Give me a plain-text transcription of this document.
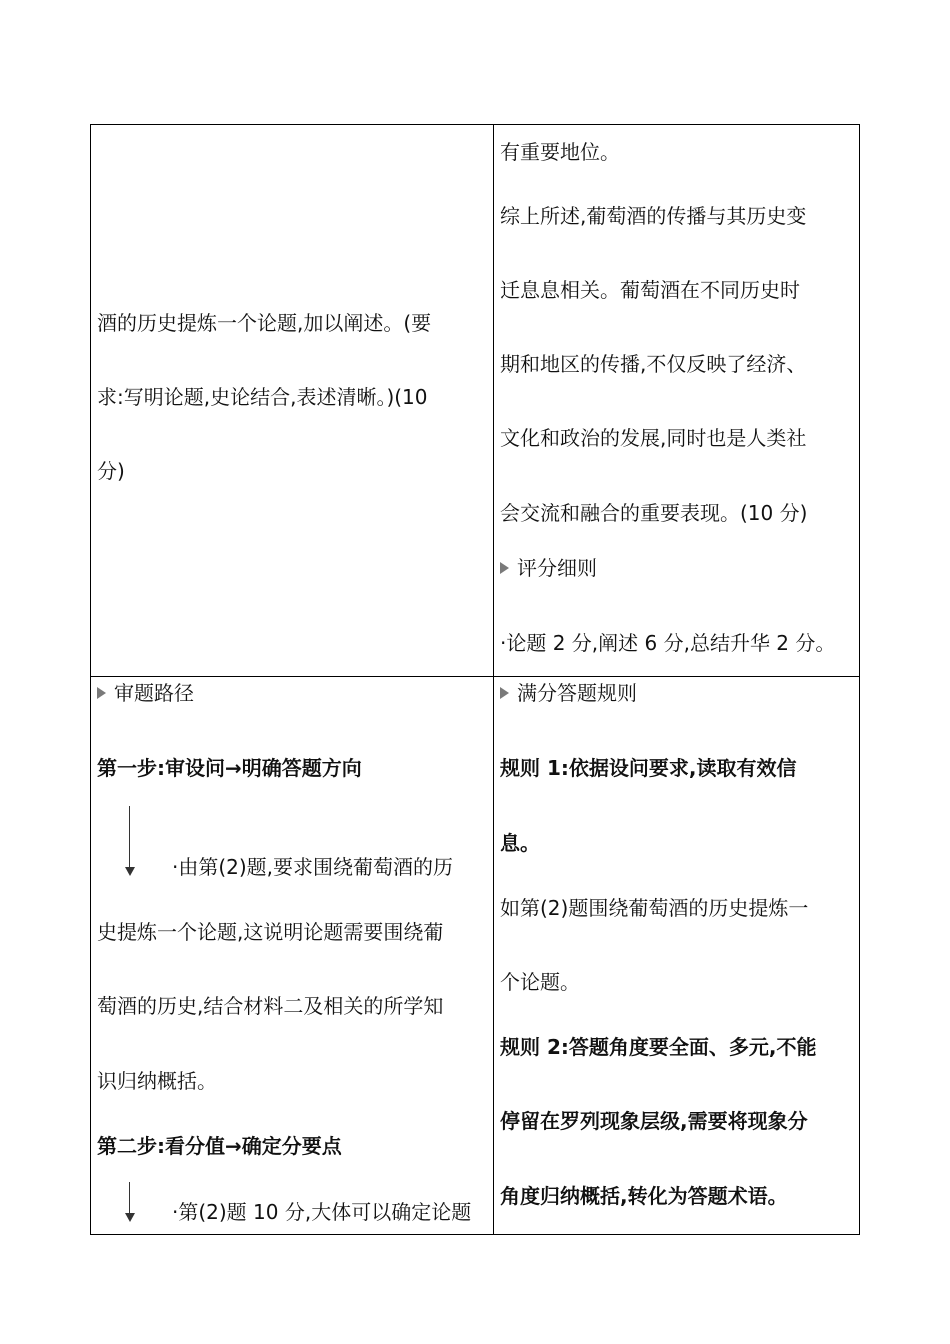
酒的历史提炼一个论题,加以阐述。(要
求:写明论题,史论结合,表述清晰。)(10
分)
有重要地位。
综上所述,葡萄酒的传播与其历史变
迁息息相关。葡萄酒在不同历史时
期和地区的传播,不仅反映了经济、
文化和政治的发展,同时也是人类社
会交流和融合的重要表现。(10 分)
评分细则
·论题 2 分,阐述 6 分,总结升华 2 分。
审题路径
第一步:审设问→明确答题方向
·由第(2)题,要求围绕葡萄酒的历
史提炼一个论题,这说明论题需要围绕葡
萄酒的历史,结合材料二及相关的所学知
识归纳概括。
第二步:看分值→确定分要点
·第(2)题 10 分,大体可以确定论题
满分答题规则
规则 1:依据设问要求,读取有效信
息。
如第(2)题围绕葡萄酒的历史提炼一
个论题。
规则 2:答题角度要全面、多元,不能
停留在罗列现象层级,需要将现象分
角度归纳概括,转化为答题术语。
